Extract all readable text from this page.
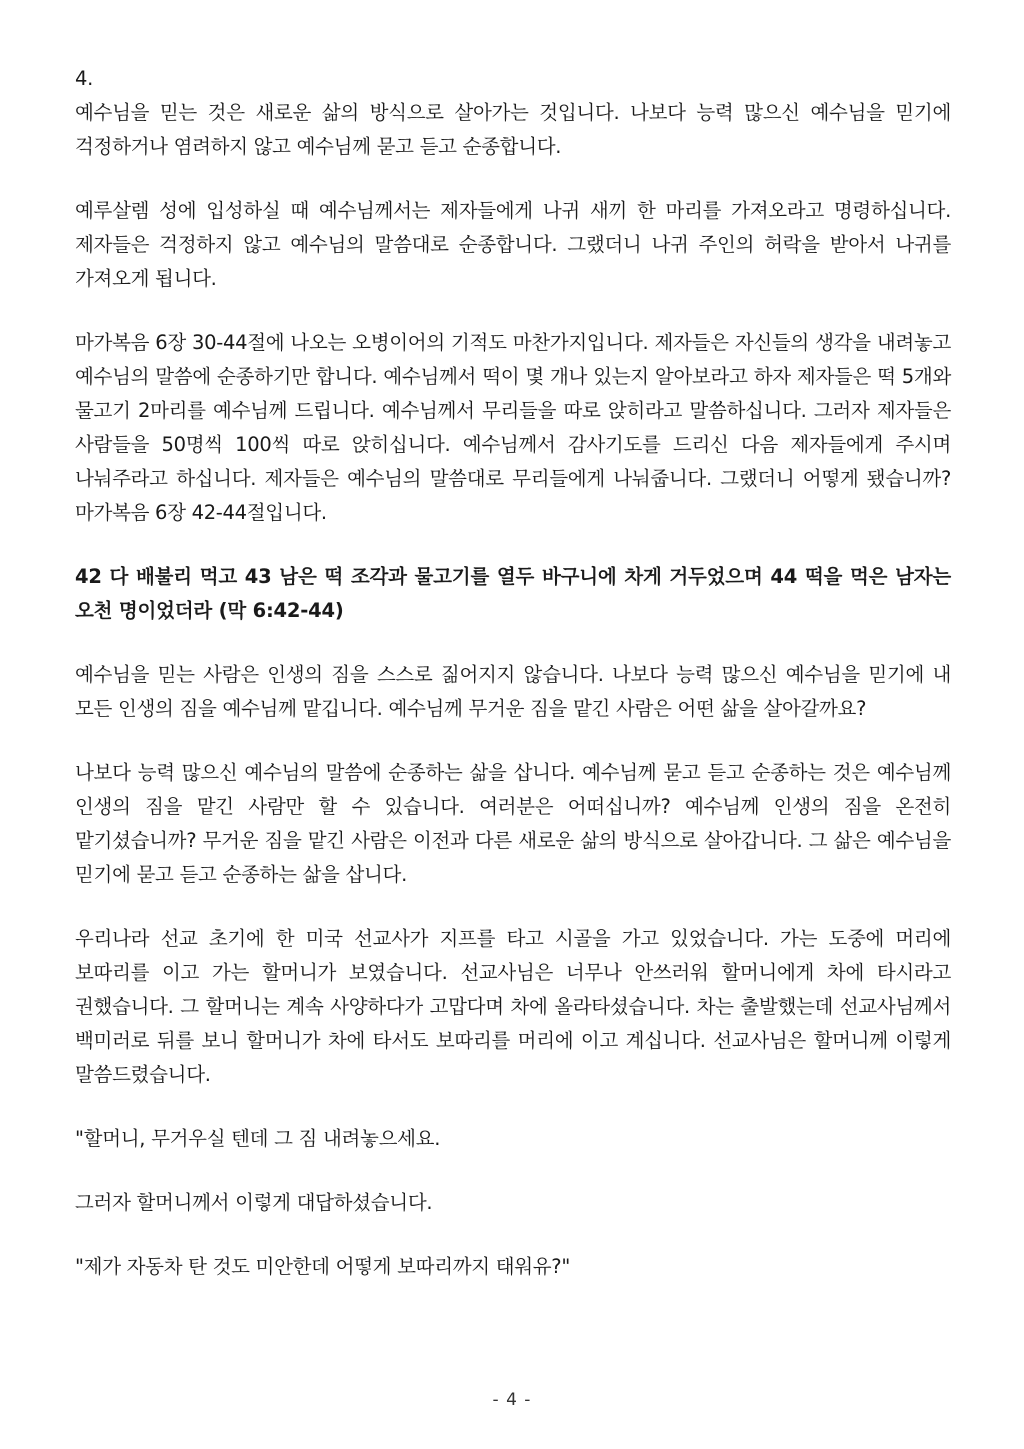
4.

예수님을 믿는 것은 새로운 삶의 방식으로 살아가는 것입니다. 나보다 능력 많으신 예수님을 믿기에 걱정하거나 염려하지 않고 예수님께 묻고 듣고 순종합니다.

예루살렘 성에 입성하실 때 예수님께서는 제자들에게 나귀 새끼 한 마리를 가져오라고 명령하십니다. 제자들은 걱정하지 않고 예수님의 말씀대로 순종합니다. 그랬더니 나귀 주인의 허락을 받아서 나귀를 가져오게 됩니다.

마가복음 6장 30-44절에 나오는 오병이어의 기적도 마찬가지입니다. 제자들은 자신들의 생각을 내려놓고 예수님의 말씀에 순종하기만 합니다. 예수님께서 떡이 몇 개나 있는지 알아보라고 하자 제자들은 떡 5개와 물고기 2마리를 예수님께 드립니다. 예수님께서 무리들을 따로 앉히라고 말씀하십니다. 그러자 제자들은 사람들을 50명씩 100씩 따로 앉히십니다. 예수님께서 감사기도를 드리신 다음 제자들에게 주시며 나눠주라고 하십니다. 제자들은 예수님의 말씀대로 무리들에게 나눠줍니다. 그랬더니 어떻게 됐습니까? 마가복음 6장 42-44절입니다.

42 다 배불리 먹고 43 남은 떡 조각과 물고기를 열두 바구니에 차게 거두었으며 44 떡을 먹은 남자는 오천 명이었더라 (막 6:42-44)

예수님을 믿는 사람은 인생의 짐을 스스로 짊어지지 않습니다. 나보다 능력 많으신 예수님을 믿기에 내 모든 인생의 짐을 예수님께 맡깁니다. 예수님께 무거운 짐을 맡긴 사람은 어떤 삶을 살아갈까요?

나보다 능력 많으신 예수님의 말씀에 순종하는 삶을 삽니다. 예수님께 묻고 듣고 순종하는 것은 예수님께 인생의 짐을 맡긴 사람만 할 수 있습니다. 여러분은 어떠십니까? 예수님께 인생의 짐을 온전히 맡기셨습니까? 무거운 짐을 맡긴 사람은 이전과 다른 새로운 삶의 방식으로 살아갑니다. 그 삶은 예수님을 믿기에 묻고 듣고 순종하는 삶을 삽니다.

우리나라 선교 초기에 한 미국 선교사가 지프를 타고 시골을 가고 있었습니다. 가는 도중에 머리에 보따리를 이고 가는 할머니가 보였습니다. 선교사님은 너무나 안쓰러워 할머니에게 차에 타시라고 권했습니다. 그 할머니는 계속 사양하다가 고맙다며 차에 올라타셨습니다. 차는 출발했는데 선교사님께서 백미러로 뒤를 보니 할머니가 차에 타서도 보따리를 머리에 이고 계십니다. 선교사님은 할머니께 이렇게 말씀드렸습니다.

"할머니, 무거우실 텐데 그 짐 내려놓으세요.

그러자 할머니께서 이렇게 대답하셨습니다.

"제가 자동차 탄 것도 미안한데 어떻게 보따리까지 태워유?"

- 4 -
